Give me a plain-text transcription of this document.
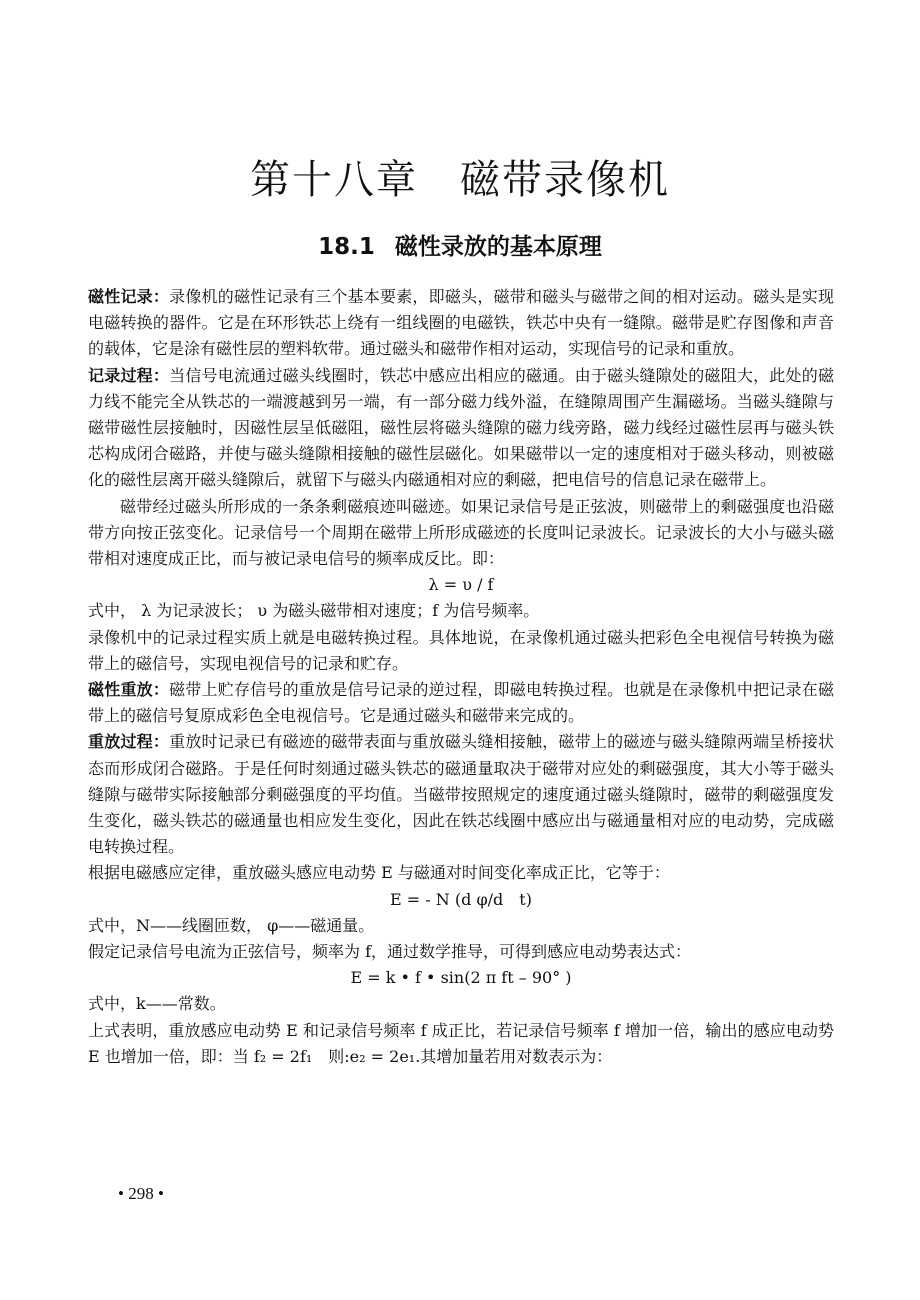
第十八章　磁带录像机
18.1 磁性录放的基本原理

磁性记录：录像机的磁性记录有三个基本要素，即磁头，磁带和磁头与磁带之间的相对运动。磁头是实现电磁转换的器件。它是在环形铁芯上绕有一组线圈的电磁铁，铁芯中央有一缝隙。磁带是贮存图像和声音的载体，它是涂有磁性层的塑料软带。通过磁头和磁带作相对运动，实现信号的记录和重放。

记录过程：当信号电流通过磁头线圈时，铁芯中感应出相应的磁通。由于磁头缝隙处的磁阻大，此处的磁力线不能完全从铁芯的一端渡越到另一端，有一部分磁力线外溢，在缝隙周围产生漏磁场。当磁头缝隙与磁带磁性层接触时，因磁性层呈低磁阻，磁性层将磁头缝隙的磁力线旁路，磁力线经过磁性层再与磁头铁芯构成闭合磁路，并使与磁头缝隙相接触的磁性层磁化。如果磁带以一定的速度相对于磁头移动，则被磁化的磁性层离开磁头缝隙后，就留下与磁头内磁通相对应的剩磁，把电信号的信息记录在磁带上。

磁带经过磁头所形成的一条条剩磁痕迹叫磁迹。如果记录信号是正弦波，则磁带上的剩磁强度也沿磁带方向按正弦变化。记录信号一个周期在磁带上所形成磁迹的长度叫记录波长。记录波长的大小与磁头磁带相对速度成正比，而与被记录电信号的频率成反比。即：

λ = υ / f

式中， λ 为记录波长； υ 为磁头磁带相对速度；f 为信号频率。

录像机中的记录过程实质上就是电磁转换过程。具体地说，在录像机通过磁头把彩色全电视信号转换为磁带上的磁信号，实现电视信号的记录和贮存。

磁性重放：磁带上贮存信号的重放是信号记录的逆过程，即磁电转换过程。也就是在录像机中把记录在磁带上的磁信号复原成彩色全电视信号。它是通过磁头和磁带来完成的。

重放过程：重放时记录已有磁迹的磁带表面与重放磁头缝相接触，磁带上的磁迹与磁头缝隙两端呈桥接状态而形成闭合磁路。于是任何时刻通过磁头铁芯的磁通量取决于磁带对应处的剩磁强度，其大小等于磁头缝隙与磁带实际接触部分剩磁强度的平均值。当磁带按照规定的速度通过磁头缝隙时，磁带的剩磁强度发生变化，磁头铁芯的磁通量也相应发生变化，因此在铁芯线圈中感应出与磁通量相对应的电动势，完成磁电转换过程。

根据电磁感应定律，重放磁头感应电动势 E 与磁通对时间变化率成正比，它等于：

E = - N (d φ/d　t)

式中，N——线圈匝数， φ——磁通量。

假定记录信号电流为正弦信号，频率为 f，通过数学推导，可得到感应电动势表达式：

E = k • f • sin(2 π ft – 90° )

式中，k——常数。

上式表明，重放感应电动势 E 和记录信号频率 f 成正比，若记录信号频率 f 增加一倍，输出的感应电动势 E 也增加一倍，即：当 f₂ = 2f₁　则:e₂ = 2e₁.其增加量若用对数表示为：

• 298 •
